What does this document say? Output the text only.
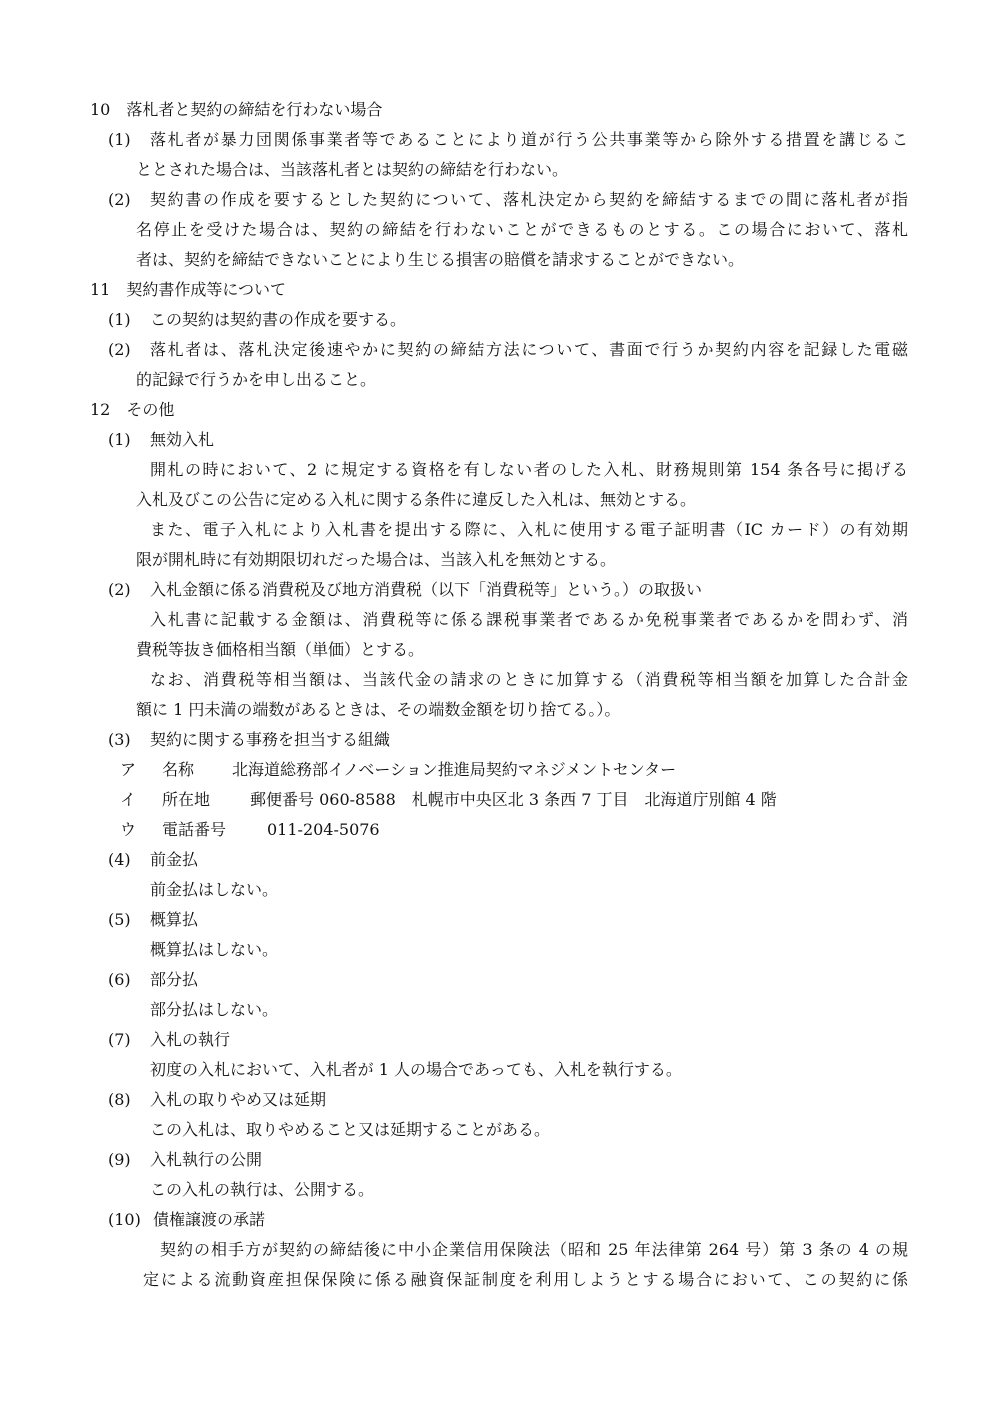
10　落札者と契約の締結を行わない場合
(1) 落札者が暴力団関係事業者等であることにより道が行う公共事業等から除外する措置を講じるこ
ととされた場合は、当該落札者とは契約の締結を行わない。
(2) 契約書の作成を要するとした契約について、落札決定から契約を締結するまでの間に落札者が指
名停止を受けた場合は、契約の締結を行わないことができるものとする。この場合において、落札
者は、契約を締結できないことにより生じる損害の賠償を請求することができない。
11　契約書作成等について
(1) この契約は契約書の作成を要する。
(2) 落札者は、落札決定後速やかに契約の締結方法について、書面で行うか契約内容を記録した電磁
的記録で行うかを申し出ること。
12　その他
(1) 無効入札
開札の時において、2 に規定する資格を有しない者のした入札、財務規則第 154 条各号に掲げる
入札及びこの公告に定める入札に関する条件に違反した入札は、無効とする。
また、電子入札により入札書を提出する際に、入札に使用する電子証明書（IC カード）の有効期
限が開札時に有効期限切れだった場合は、当該入札を無効とする。
(2) 入札金額に係る消費税及び地方消費税（以下「消費税等」という。）の取扱い
入札書に記載する金額は、消費税等に係る課税事業者であるか免税事業者であるかを問わず、消
費税等抜き価格相当額（単価）とする。
なお、消費税等相当額は、当該代金の請求のときに加算する（消費税等相当額を加算した合計金
額に 1 円未満の端数があるときは、その端数金額を切り捨てる。）。
(3) 契約に関する事務を担当する組織
ア 名称 北海道総務部イノベーション推進局契約マネジメントセンター
イ 所在地 郵便番号 060-8588　札幌市中央区北 3 条西 7 丁目　北海道庁別館 4 階
ウ 電話番号	011-204-5076
(4) 前金払
前金払はしない。
(5) 概算払
概算払はしない。
(6) 部分払
部分払はしない。
(7) 入札の執行
初度の入札において、入札者が 1 人の場合であっても、入札を執行する。
(8) 入札の取りやめ又は延期
この入札は、取りやめること又は延期することがある。
(9) 入札執行の公開
この入札の執行は、公開する。
(10) 債権譲渡の承諾
契約の相手方が契約の締結後に中小企業信用保険法（昭和 25 年法律第 264 号）第 3 条の 4 の規
定による流動資産担保保険に係る融資保証制度を利用しようとする場合において、この契約に係
